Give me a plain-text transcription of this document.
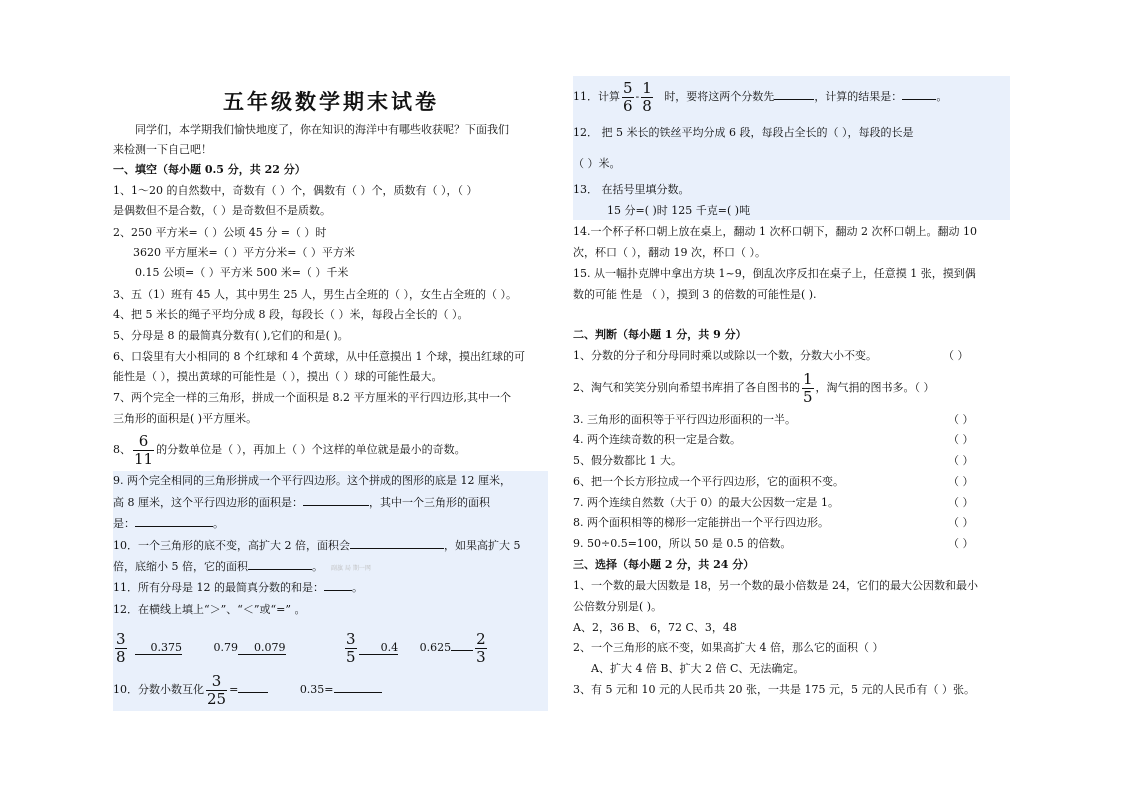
五年级数学期末试卷
同学们，本学期我们愉快地度了，你在知识的海洋中有哪些收获呢？下面我们
来检测一下自己吧！
一、填空（每小题 0.5 分，共 22 分）
1、1～20 的自然数中，奇数有（ ）个，偶数有（ ）个，质数有（ ），（ ）
是偶数但不是合数，（ ）是奇数但不是质数。
2、250 平方米=（ ）公顷 45 分 =（ ）时
3620 平方厘米=（ ）平方分米=（ ）平方米
0.15 公顷=（ ）平方米 500 米=（ ）千米
3、五（1）班有 45 人，其中男生 25 人，男生占全班的（ ），女生占全班的（ ）。
4、把 5 米长的绳子平均分成 8 段，每段长（ ）米，每段占全长的（ ）。
5、分母是 8 的最简真分数有( ),它们的和是( )。
6、口袋里有大小相同的 8 个红球和 4 个黄球，从中任意摸出 1 个球，摸出红球的可
能性是（ ），摸出黄球的可能性是（ ），摸出（ ）球的可能性最大。
7、两个完全一样的三角形，拼成一个面积是 8.2 平方厘米的平行四边形,其中一个
三角形的面积是( )平方厘米。
8、 $\frac{6}{11}$ 的分数单位是（ ），再加上（ ）个这样的单位就是最小的奇数。
9. 两个完全相同的三角形拼成一个平行四边形。这个拼成的图形的底是 12 厘米，
高 8 厘米，这个平行四边形的面积是：	，其中一个三角形的面积
是：	。
10．一个三角形的底不变，高扩大 2 倍，面积会	，如果高扩大 5
倍，底缩小 5 倍，它的面积	。 副旗 局 期一网
11．所有分母是 12 的最简真分数的和是：	。
12．在横线上填上“＞”、“＜”或“=” 。
$\frac{3}{8} 0.375$	0.79 0.079	$\frac{3}{5} 0.4$ $0.625 \frac{2}{3}$
10．分数小数互化 $\frac{3}{25}$ =	0.35=
11．计算 $\frac{5}{6} - \frac{1}{8}$ 时，要将这两个分数先	，计算的结果是：	。
12． 把 5 米长的铁丝平均分成 6 段，每段占全长的（ ），每段的长是
（ ）米。
13． 在括号里填分数。
15 分=( )时 125 千克=( )吨
14.一个杯子杯口朝上放在桌上，翻动 1 次杯口朝下，翻动 2 次杯口朝上。翻动 10
次，杯口（ ），翻动 19 次，杯口（ ）。
15. 从一幅扑克牌中拿出方块 1~9，倒乱次序反扣在桌子上，任意摸 1 张，摸到偶
数的可能 性是 （ ），摸到 3 的倍数的可能性是( ).
二、判断（每小题 1 分，共 9 分）
1、分数的分子和分母同时乘以或除以一个数，分数大小不变。	（ ）
2、淘气和笑笑分别向希望书库捐了各自图书的 $\frac{1}{5}$ ，淘气捐的图书多。（ ）
3. 三角形的面积等于平行四边形面积的一半。	（ ）
4. 两个连续奇数的积一定是合数。	（ ）
5、假分数都比 1 大。	（ ）
6、把一个长方形拉成一个平行四边形，它的面积不变。	（ ）
7. 两个连续自然数（大于 0）的最大公因数一定是 1。	（ ）
8. 两个面积相等的梯形一定能拼出一个平行四边形。	（ ）
9. 50÷0.5=100，所以 50 是 0.5 的倍数。	（ ）
三、选择（每小题 2 分，共 24 分）
1、一个数的最大因数是 18，另一个数的最小倍数是 24，它们的最大公因数和最小
公倍数分别是( )。
A、2，36 B、 6，72 C、3，48
2、一个三角形的底不变，如果高扩大 4 倍，那么它的面积（ ）
A、扩大 4 倍 B、扩大 2 倍 C、无法确定。
3、有 5 元和 10 元的人民币共 20 张，一共是 175 元，5 元的人民币有（ ）张。
